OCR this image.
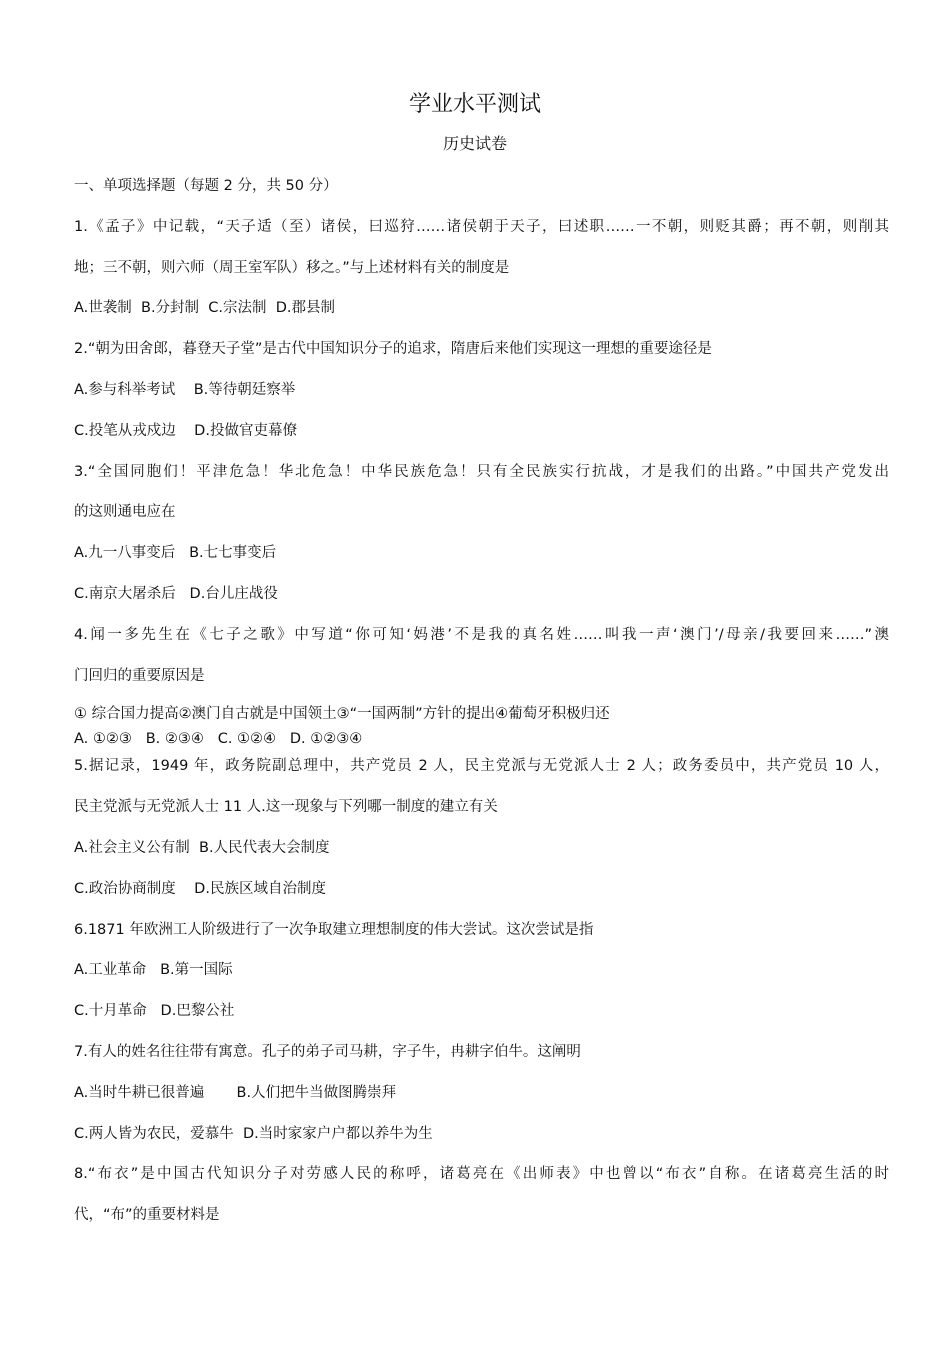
学业水平测试
历史试卷
一、单项选择题（每题 2 分，共 50 分）
1.《孟子》中记载，“天子适（至）诸侯，曰巡狩……诸侯朝于天子，曰述职……一不朝，则贬其爵；再不朝，则削其
地；三不朝，则六师（周王室军队）移之。”与上述材料有关的制度是
A.世袭制  B.分封制  C.宗法制  D.郡县制
2.“朝为田舍郎，暮登天子堂”是古代中国知识分子的追求，隋唐后来他们实现这一理想的重要途径是
A.参与科举考试    B.等待朝廷察举
C.投笔从戎戍边    D.投做官吏幕僚
3.“全国同胞们！平津危急！华北危急！中华民族危急！只有全民族实行抗战，才是我们的出路。”中国共产党发出
的这则通电应在
A.九一八事变后   B.七七事变后
C.南京大屠杀后   D.台儿庄战役
4.闻一多先生在《七子之歌》中写道“你可知‘妈港’不是我的真名姓……叫我一声‘澳门’/母亲/我要回来……”澳
门回归的重要原因是
① 综合国力提高②澳门自古就是中国领土③“一国两制”方针的提出④葡萄牙积极归还
A. ①②③   B. ②③④   C. ①②④   D. ①②③④
5.据记录，1949 年，政务院副总理中，共产党员 2 人，民主党派与无党派人士 2 人；政务委员中，共产党员 10 人，
民主党派与无党派人士 11 人.这一现象与下列哪一制度的建立有关
A.社会主义公有制  B.人民代表大会制度
C.政治协商制度    D.民族区域自治制度
6.1871 年欧洲工人阶级进行了一次争取建立理想制度的伟大尝试。这次尝试是指
A.工业革命   B.第一国际
C.十月革命   D.巴黎公社
7.有人的姓名往往带有寓意。孔子的弟子司马耕，字子牛，冉耕字伯牛。这阐明
A.当时牛耕已很普遍       B.人们把牛当做图腾崇拜
C.两人皆为农民，爱慕牛  D.当时家家户户都以养牛为生
8.“布衣”是中国古代知识分子对劳感人民的称呼，诸葛亮在《出师表》中也曾以“布衣”自称。在诸葛亮生活的时
代，“布”的重要材料是
